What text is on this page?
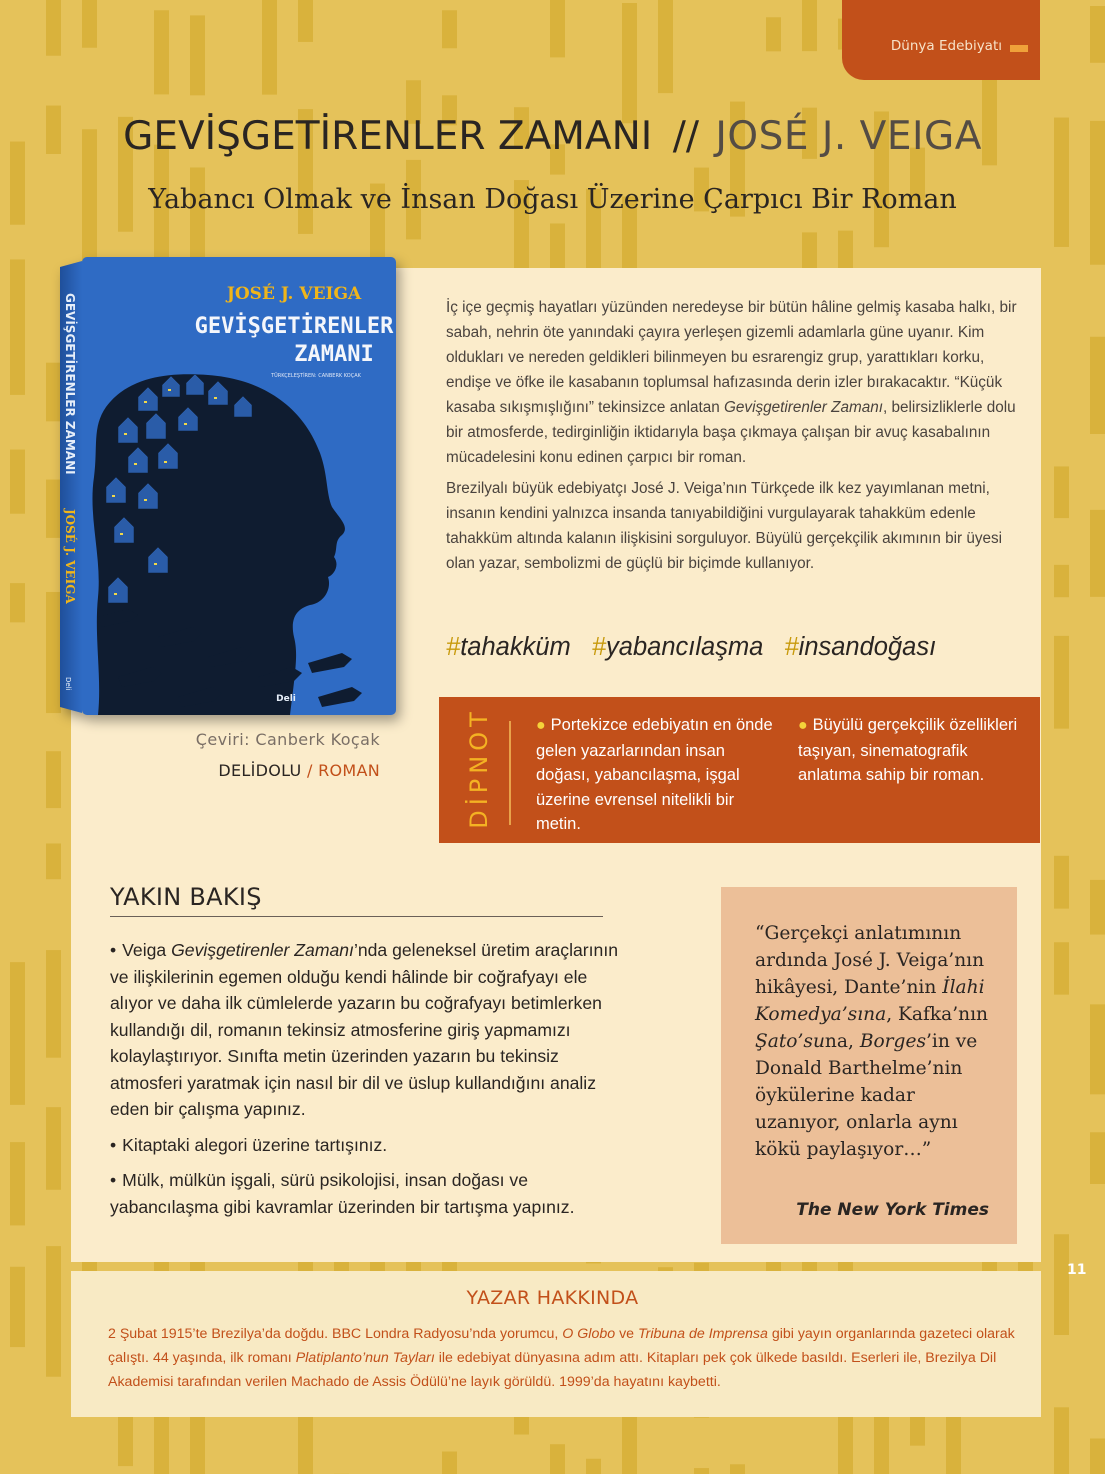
Dünya Edebiyatı
GEVİŞGETİRENLER ZAMANI // JOSÉ J. VEIGA
Yabancı Olmak ve İnsan Doğası Üzerine Çarpıcı Bir Roman
GEVİŞGETİRENLER ZAMANI
JOSÉ J. VEIGA
Deli
JOSÉ J. VEIGA
GEVİŞGETİRENLER
ZAMANI
TÜRKÇELEŞTİREN: CANBERK KOÇAK
Deli
Çeviri: Canberk Koçak
DELİDOLU / ROMAN

İç içe geçmiş hayatları yüzünden neredeyse bir bütün hâline gelmiş kasaba halkı, bir sabah, nehrin öte yanındaki çayıra yerleşen gizemli adamlarla güne uyanır. Kim oldukları ve nereden geldikleri bilinmeyen bu esrarengiz grup, yarattıkları korku, endişe ve öfke ile kasabanın toplumsal hafızasında derin izler bırakacaktır. “Küçük kasaba sıkışmışlığını” tekinsizce anlatan Gevişgetirenler Zamanı, belirsizliklerle dolu bir atmosferde, tedirginliğin iktidarıyla başa çıkmaya çalışan bir avuç kasabalının mücadelesini konu edinen çarpıcı bir roman.

Brezilyalı büyük edebiyatçı José J. Veiga’nın Türkçede ilk kez yayımlanan metni, insanın kendini yalnızca insanda tanıyabildiğini vurgulayarak tahakküm edenle tahakküm altında kalanın ilişkisini sorguluyor. Büyülü gerçekçilik akımının bir üyesi olan yazar, sembolizmi de güçlü bir biçimde kullanıyor.

#tahakküm #yabancılaşma #insandoğası
DİPNOT	● Portekizce edebiyatın en önde gelen yazarlarından insan doğası, yabancılaşma, işgal üzerine evrensel nitelikli bir metin.
● Büyülü gerçekçilik özellikleri taşıyan, sinematografik anlatıma sahip bir roman.
YAKIN BAKIŞ
• Veiga Gevişgetirenler Zamanı’nda geleneksel üretim araçlarının ve ilişkilerinin egemen olduğu kendi hâlinde bir coğrafyayı ele alıyor ve daha ilk cümlelerde yazarın bu coğrafyayı betimlerken kullandığı dil, romanın tekinsiz atmosferine giriş yapmamızı kolaylaştırıyor. Sınıfta metin üzerinden yazarın bu tekinsiz atmosferi yaratmak için nasıl bir dil ve üslup kullandığını analiz eden bir çalışma yapınız.
• Kitaptaki alegori üzerine tartışınız.
• Mülk, mülkün işgali, sürü psikolojisi, insan doğası ve yabancılaşma gibi kavramlar üzerinden bir tartışma yapınız.
“Gerçekçi anlatımının ardında José J. Veiga’nın hikâyesi, Dante’nin İlahi Komedya’sına, Kafka’nın Şato’suna, Borges’in ve Donald Barthelme’nin öykülerine kadar uzanıyor, onlarla aynı kökü paylaşıyor…”
The New York Times
11
YAZAR HAKKINDA
2 Şubat 1915’te Brezilya’da doğdu. BBC Londra Radyosu’nda yorumcu, O Globo ve Tribuna de Imprensa gibi yayın organlarında gazeteci olarak çalıştı. 44 yaşında, ilk romanı Platiplanto’nun Tayları ile edebiyat dünyasına adım attı. Kitapları pek çok ülkede basıldı. Eserleri ile, Brezilya Dil Akademisi tarafından verilen Machado de Assis Ödülü’ne layık görüldü. 1999’da hayatını kaybetti.
